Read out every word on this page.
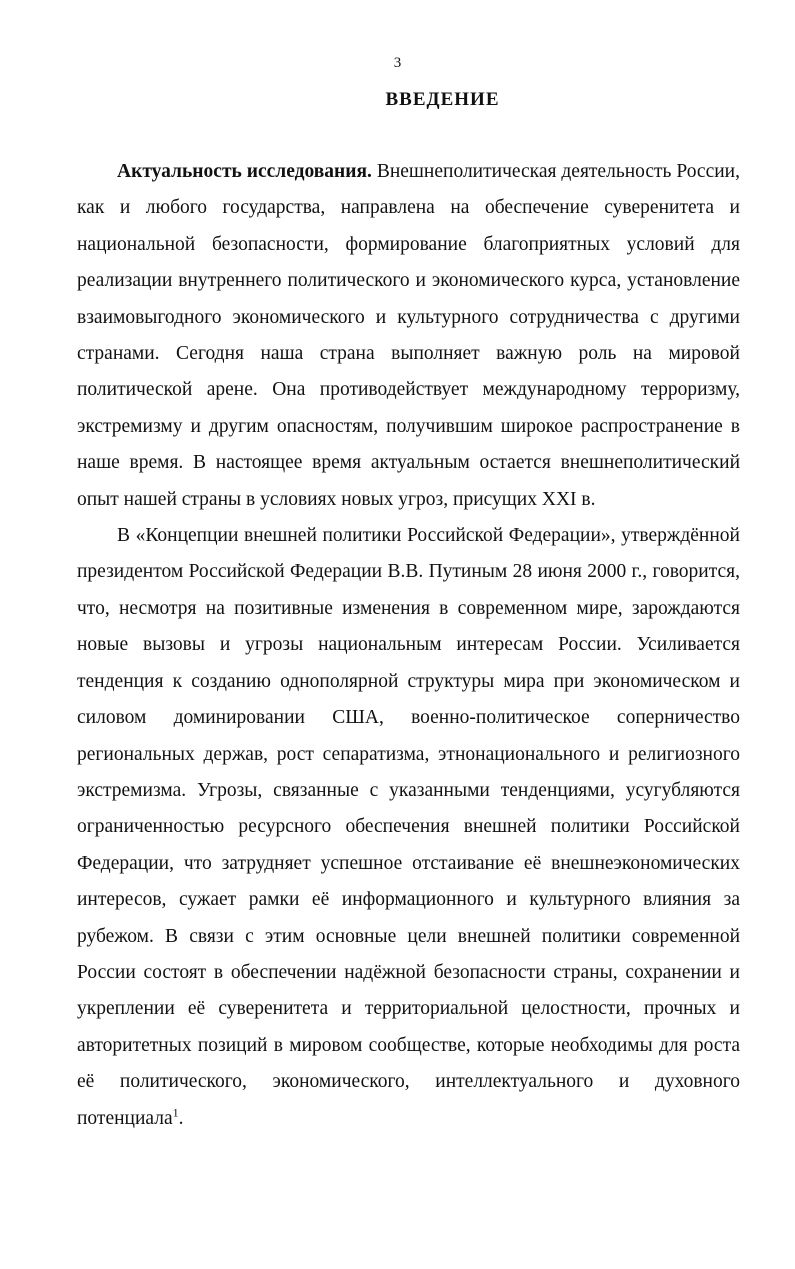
3
ВВЕДЕНИЕ

Актуальность исследования. Внешнеполитическая деятельность России, как и любого государства, направлена на обеспечение суверенитета и национальной безопасности, формирование благоприятных условий для реализации внутреннего политического и экономического курса, установление взаимовыгодного экономического и культурного сотрудничества с другими странами. Сегодня наша страна выполняет важную роль на мировой политической арене. Она противодействует международному терроризму, экстремизму и другим опасностям, получившим широкое распространение в наше время. В настоящее время актуальным остается внешнеполитический опыт нашей страны в условиях новых угроз, присущих XXI в.

В «Концепции внешней политики Российской Федерации», утверждённой президентом Российской Федерации В.В. Путиным 28 июня 2000 г., говорится, что, несмотря на позитивные изменения в современном мире, зарождаются новые вызовы и угрозы национальным интересам России. Усиливается тенденция к созданию однополярной структуры мира при экономическом и силовом доминировании США, военно-политическое соперничество региональных держав, рост сепаратизма, этнонационального и религиозного экстремизма. Угрозы, связанные с указанными тенденциями, усугубляются ограниченностью ресурсного обеспечения внешней политики Российской Федерации, что затрудняет успешное отстаивание её внешнеэкономических интересов, сужает рамки её информационного и культурного влияния за рубежом. В связи с этим основные цели внешней политики современной России состоят в обеспечении надёжной безопасности страны, сохранении и укреплении её суверенитета и территориальной целостности, прочных и авторитетных позиций в мировом сообществе, которые необходимы для роста её политического, экономического, интеллектуального и духовного потенциала$^1$.
